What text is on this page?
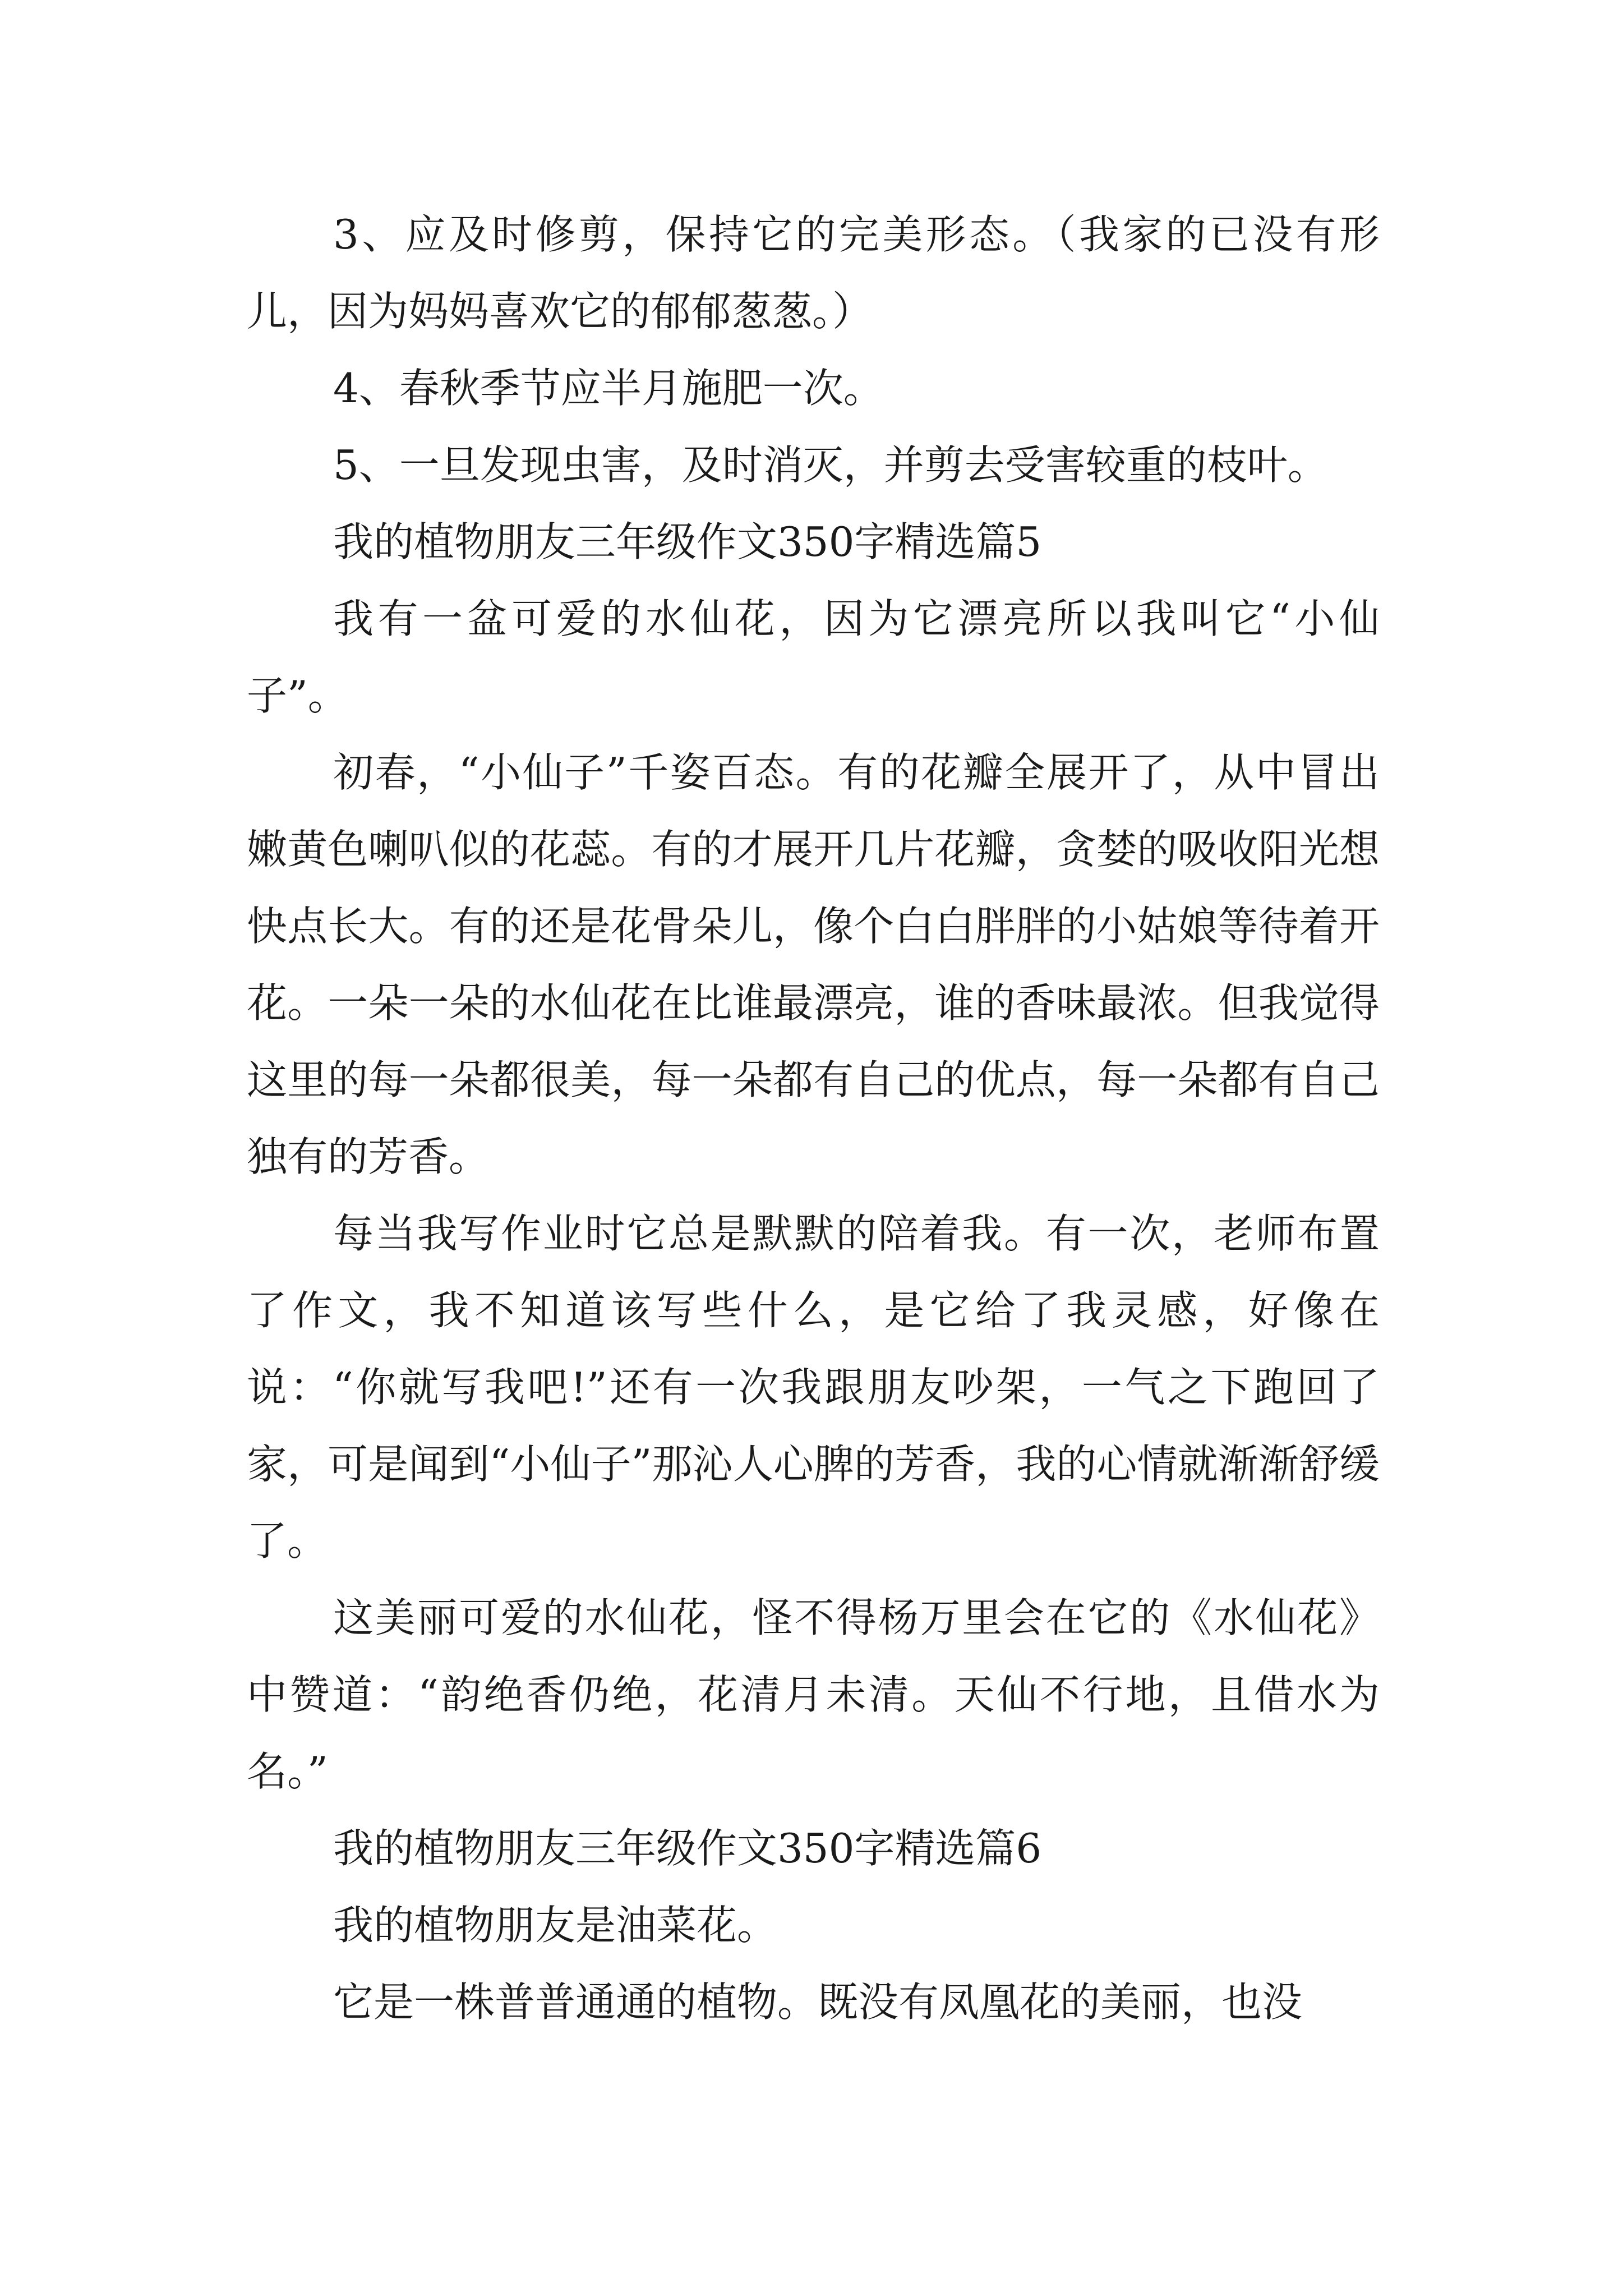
3、应及时修剪，保持它的完美形态。（我家的已没有形儿，因为妈妈喜欢它的郁郁葱葱。）

4、春秋季节应半月施肥一次。

5、一旦发现虫害，及时消灭，并剪去受害较重的枝叶。

我的植物朋友三年级作文350字精选篇5

我有一盆可爱的水仙花，因为它漂亮所以我叫它“小仙子”。

初春，“小仙子”千姿百态。有的花瓣全展开了，从中冒出嫩黄色喇叭似的花蕊。有的才展开几片花瓣，贪婪的吸收阳光想快点长大。有的还是花骨朵儿，像个白白胖胖的小姑娘等待着开花。一朵一朵的水仙花在比谁最漂亮，谁的香味最浓。但我觉得这里的每一朵都很美，每一朵都有自己的优点，每一朵都有自己独有的芳香。

每当我写作业时它总是默默的陪着我。有一次，老师布置了作文，我不知道该写些什么，是它给了我灵感，好像在说：“你就写我吧!”还有一次我跟朋友吵架，一气之下跑回了家，可是闻到“小仙子”那沁人心脾的芳香，我的心情就渐渐舒缓了。

这美丽可爱的水仙花，怪不得杨万里会在它的《水仙花》中赞道：“韵绝香仍绝，花清月未清。天仙不行地，且借水为名。”

我的植物朋友三年级作文350字精选篇6

我的植物朋友是油菜花。

它是一株普普通通的植物。既没有凤凰花的美丽，也没
